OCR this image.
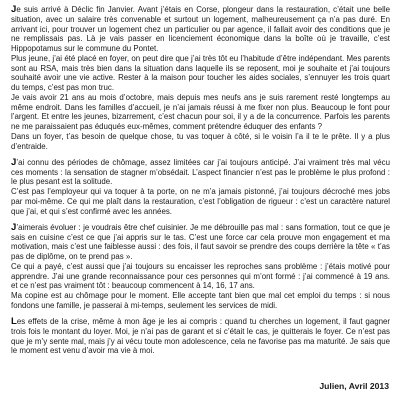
Je suis arrivé à Déclic fin Janvier. Avant j’étais en Corse, plongeur dans la restauration, c’était une belle situation, avec un salaire très convenable et surtout un logement, malheureusement ça n’a pas duré. En arrivant ici, pour trouver un logement chez un particulier ou par agence, il fallait avoir des conditions que je ne remplissais pas. Là je vais passer en licenciement économique dans la boîte où je travaille, c’est Hippopotamus sur le commune du Pontet.
Plus jeune, j’ai été placé en foyer, on peut dire que j’ai très tôt eu l’habitude d’être indépendant. Mes parents sont au RSA, mais très bien dans la situation dans laquelle ils se reposent, moi je souhaite et j’ai toujours souhaité avoir une vie active. Rester à la maison pour toucher les aides sociales, s’ennuyer les trois quart du temps, c’est pas mon truc.
Je vais avoir 21 ans au mois d’octobre, mais depuis mes neufs ans je suis rarement resté longtemps au même endroit. Dans les familles d’accueil, je n’ai jamais réussi à me fixer non plus. Beaucoup le font pour l’argent. Et entre les jeunes, bizarrement, c’est chacun pour soi, il y a de la concurrence. Parfois les parents ne me paraissaient pas éduqués eux-mêmes, comment prétendre éduquer des enfants ?
Dans un foyer, t’as besoin de quelque chose, tu vas toquer à côté, si le voisin l’a il te le prête. Il y a plus d’entraide.

J’ai connu des périodes de chômage, assez limitées car j’ai toujours anticipé. J’ai vraiment très mal vécu ces moments : la sensation de stagner m’obsédait. L’aspect financier n’est pas le problème le plus profond : le plus pesant est la solitude.
C’est pas l’employeur qui va toquer à ta porte, on ne m’a jamais pistonné, j’ai toujours décroché mes jobs par moi-même. Ce qui me plaît dans la restauration, c’est l’obligation de rigueur : c’est un caractère naturel que j’ai, et qui s’est confirmé avec les années.

J’aimerais évoluer : je voudrais être chef cuisinier. Je me débrouille pas mal : sans formation, tout ce que je sais en cuisine c’est ce que j’ai appris sur le tas. C’est une force car cela prouve mon engagement et ma motivation, mais c’est une faiblesse aussi : des fois, il faut savoir se prendre des coups derrière la tête « t’as pas de diplôme, on te prend pas ».
Ce qui a payé, c’est aussi que j’ai toujours su encaisser les reproches sans problème : j’étais motivé pour apprendre. J’ai une grande reconnaissance pour ces personnes qui m’ont formé : j’ai commencé à 19 ans. et ce n’est pas vraiment tôt : beaucoup commencent à 14, 16, 17 ans.
Ma copine est au chômage pour le moment. Elle accepte tant bien que mal cet emploi du temps : si nous fondons une famille, je passerai à mi-temps, seulement les services de midi.

Les effets de la crise, même à mon âge je les ai compris : quand tu cherches un logement, il faut gagner trois fois le montant du loyer. Moi, je n’ai pas de garant et si c’était le cas, je quitterais le foyer. Ce n’est pas que je m’y sente mal, mais j’y ai vécu toute mon adolescence, cela ne favorise pas ma maturité. Je sais que le moment est venu d’avoir ma vie à moi.

Julien, Avril 2013
